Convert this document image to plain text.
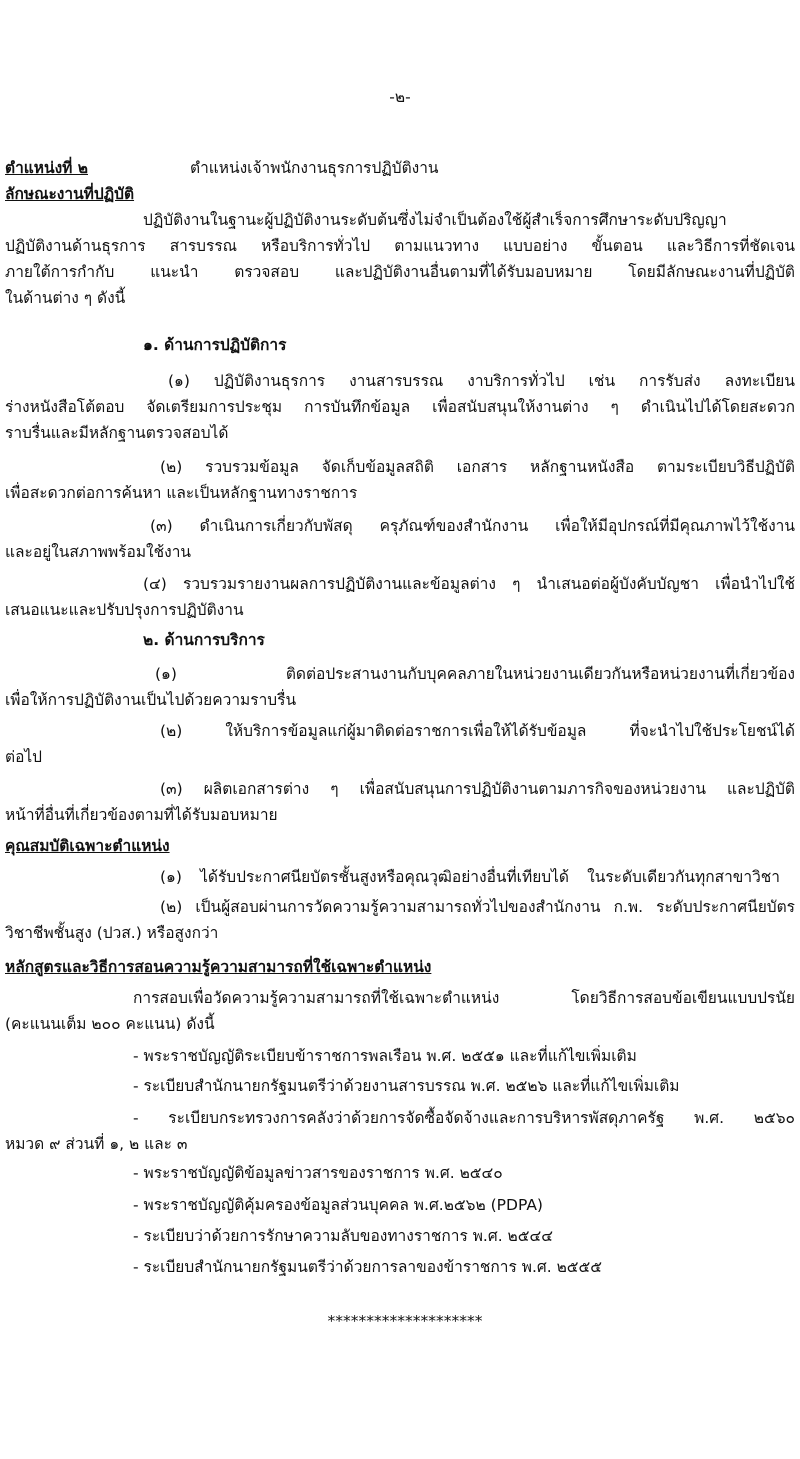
-๒-
ตำแหน่งที่ ๒	ตำแหน่งเจ้าพนักงานธุรการปฏิบัติงาน
ลักษณะงานที่ปฏิบัติ
ปฏิบัติงานในฐานะผู้ปฏิบัติงานระดับต้นซึ่งไม่จำเป็นต้องใช้ผู้สำเร็จการศึกษาระดับปริญญา
ปฏิบัติงานด้านธุรการ สารบรรณ หรือบริการทั่วไป ตามแนวทาง แบบอย่าง ขั้นตอน และวิธีการที่ชัดเจน
ภายใต้การกำกับ แนะนำ ตรวจสอบ และปฏิบัติงานอื่นตามที่ได้รับมอบหมาย โดยมีลักษณะงานที่ปฏิบัติ
ในด้านต่าง ๆ ดังนี้
๑. ด้านการปฏิบัติการ
(๑) ปฏิบัติงานธุรการ งานสารบรรณ งาบริการทั่วไป เช่น การรับส่ง ลงทะเบียน
ร่างหนังสือโต้ตอบ จัดเตรียมการประชุม การบันทึกข้อมูล เพื่อสนับสนุนให้งานต่าง ๆ ดำเนินไปได้โดยสะดวก
ราบรื่นและมีหลักฐานตรวจสอบได้
(๒) รวบรวมข้อมูล จัดเก็บข้อมูลสถิติ เอกสาร หลักฐานหนังสือ ตามระเบียบวิธีปฏิบัติ
เพื่อสะดวกต่อการค้นหา และเป็นหลักฐานทางราชการ
(๓) ดำเนินการเกี่ยวกับพัสดุ ครุภัณฑ์ของสำนักงาน เพื่อให้มีอุปกรณ์ที่มีคุณภาพไว้ใช้งาน
และอยู่ในสภาพพร้อมใช้งาน
(๔) รวบรวมรายงานผลการปฏิบัติงานและข้อมูลต่าง ๆ นำเสนอต่อผู้บังคับบัญชา เพื่อนำไปใช้
เสนอแนะและปรับปรุงการปฏิบัติงาน
๒. ด้านการบริการ
(๑) ติดต่อประสานงานกับบุคคลภายในหน่วยงานเดียวกันหรือหน่วยงานที่เกี่ยวข้อง
เพื่อให้การปฏิบัติงานเป็นไปด้วยความราบรื่น
(๒) ให้บริการข้อมูลแก่ผู้มาติดต่อราชการเพื่อให้ได้รับข้อมูล ที่จะนำไปใช้ประโยชน์ได้
ต่อไป
(๓) ผลิตเอกสารต่าง ๆ เพื่อสนับสนุนการปฏิบัติงานตามภารกิจของหน่วยงาน และปฏิบัติ
หน้าที่อื่นที่เกี่ยวข้องตามที่ได้รับมอบหมาย
คุณสมบัติเฉพาะตำแหน่ง
(๑) ได้รับประกาศนียบัตรชั้นสูงหรือคุณวุฒิอย่างอื่นที่เทียบได้ ในระดับเดียวกันทุกสาขาวิชา
(๒) เป็นผู้สอบผ่านการวัดความรู้ความสามารถทั่วไปของสำนักงาน ก.พ. ระดับประกาศนียบัตร
วิชาชีพชั้นสูง (ปวส.) หรือสูงกว่า
หลักสูตรและวิธีการสอนความรู้ความสามารถที่ใช้เฉพาะตำแหน่ง
การสอบเพื่อวัดความรู้ความสามารถที่ใช้เฉพาะตำแหน่ง โดยวิธีการสอบข้อเขียนแบบปรนัย
(คะแนนเต็ม ๒๐๐ คะแนน) ดังนี้
- พระราชบัญญัติระเบียบข้าราชการพลเรือน พ.ศ. ๒๕๕๑ และที่แก้ไขเพิ่มเติม
- ระเบียบสำนักนายกรัฐมนตรีว่าด้วยงานสารบรรณ พ.ศ. ๒๕๒๖ และที่แก้ไขเพิ่มเติม
- ระเบียบกระทรวงการคลังว่าด้วยการจัดซื้อจัดจ้างและการบริหารพัสดุภาครัฐ พ.ศ. ๒๕๖๐
หมวด ๙ ส่วนที่ ๑, ๒ และ ๓
- พระราชบัญญัติข้อมูลข่าวสารของราชการ พ.ศ. ๒๕๔๐
- พระราชบัญญัติคุ้มครองข้อมูลส่วนบุคคล พ.ศ.๒๕๖๒ (PDPA)
- ระเบียบว่าด้วยการรักษาความลับของทางราชการ พ.ศ. ๒๕๔๔
- ระเบียบสำนักนายกรัฐมนตรีว่าด้วยการลาของข้าราชการ พ.ศ. ๒๕๕๕
********************
